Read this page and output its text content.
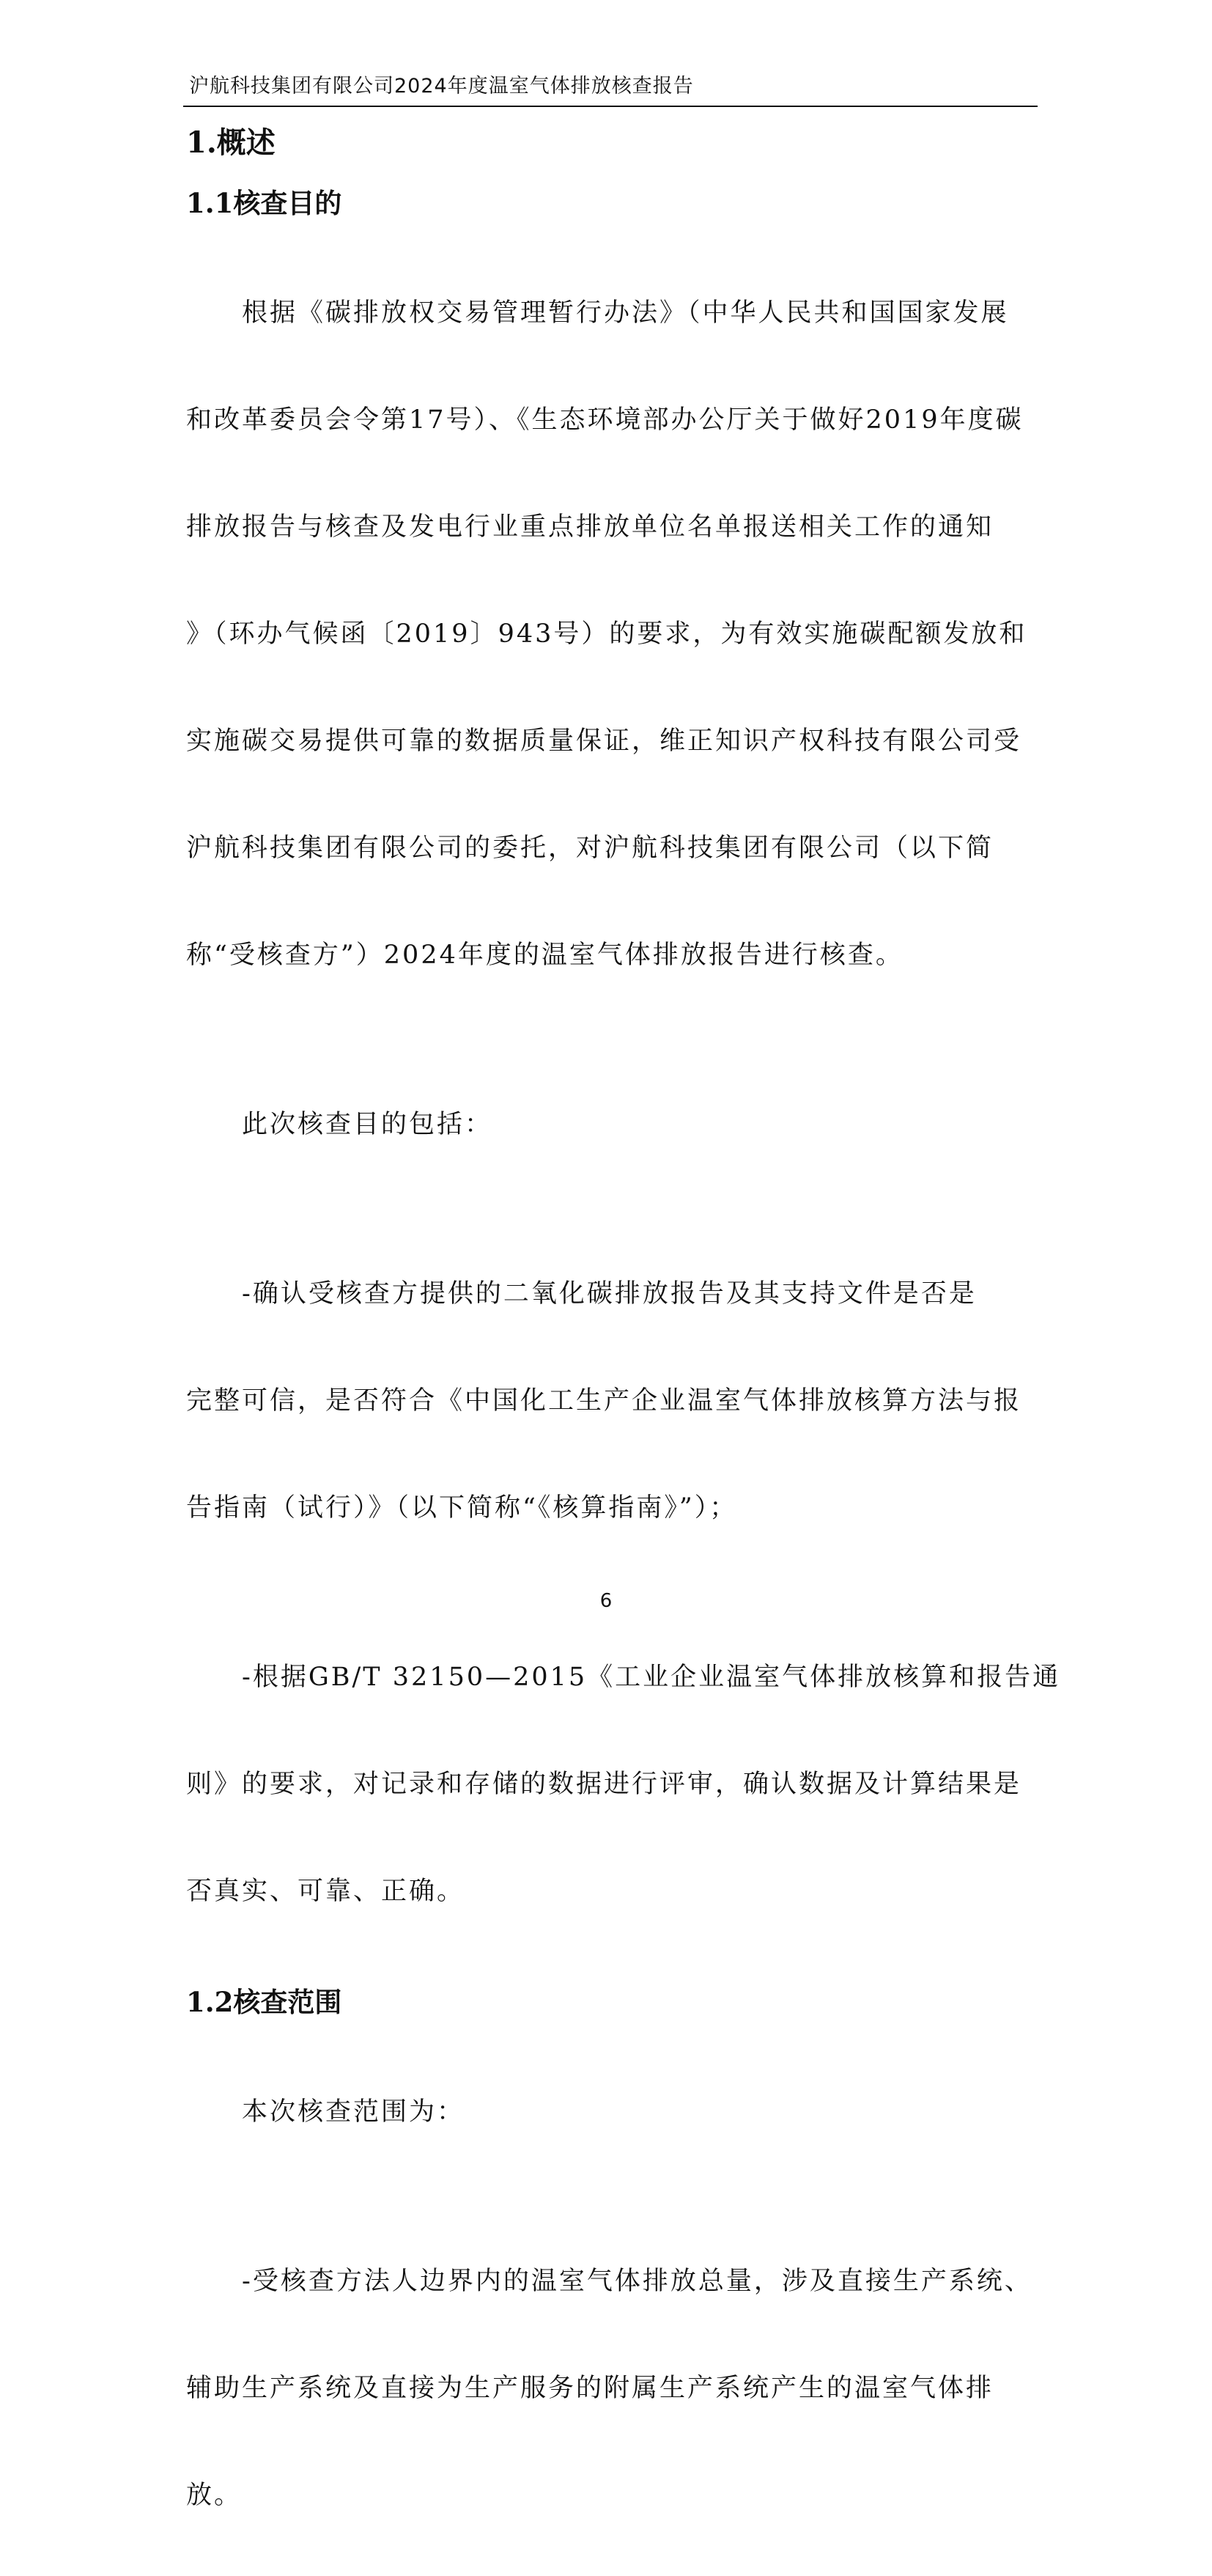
沪航科技集团有限公司2024年度温室气体排放核查报告
1.概述
1.1核查目的

根据《碳排放权交易管理暂行办法》（中华人民共和国国家发展

和改革委员会令第17号）、《生态环境部办公厅关于做好2019年度碳

排放报告与核查及发电行业重点排放单位名单报送相关工作的通知

》（环办气候函〔2019〕943号）的要求，为有效实施碳配额发放和

实施碳交易提供可靠的数据质量保证，维正知识产权科技有限公司受

沪航科技集团有限公司的委托，对沪航科技集团有限公司（以下简

称“受核查方”）2024年度的温室气体排放报告进行核查。

此次核查目的包括：

-确认受核查方提供的二氧化碳排放报告及其支持文件是否是

完整可信，是否符合《中国化工生产企业温室气体排放核算方法与报

告指南（试行）》（以下简称“《核算指南》”）；

-根据GB/T 32150—2015《工业企业温室气体排放核算和报告通

则》的要求，对记录和存储的数据进行评审，确认数据及计算结果是

否真实、可靠、正确。

1.2核查范围

本次核查范围为：

-受核查方法人边界内的温室气体排放总量，涉及直接生产系统、

辅助生产系统及直接为生产服务的附属生产系统产生的温室气体排

放。

6
